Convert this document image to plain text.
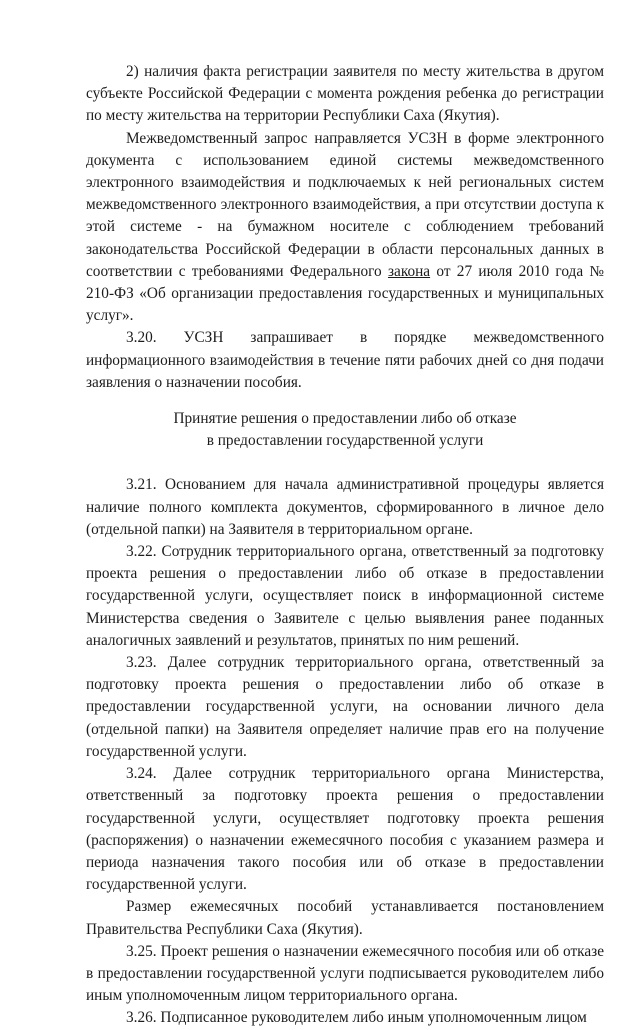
2) наличия факта регистрации заявителя по месту жительства в другом субъекте Российской Федерации с момента рождения ребенка до регистрации по месту жительства на территории Республики Саха (Якутия).

Межведомственный запрос направляется УСЗН в форме электронного документа с использованием единой системы межведомственного электронного взаимодействия и подключаемых к ней региональных систем межведомственного электронного взаимодействия, а при отсутствии доступа к этой системе - на бумажном носителе с соблюдением требований законодательства Российской Федерации в области персональных данных в соответствии с требованиями Федерального закона от 27 июля 2010 года № 210-ФЗ «Об организации предоставления государственных и муниципальных услуг».

3.20. УСЗН запрашивает в порядке межведомственного информационного взаимодействия в течение пяти рабочих дней со дня подачи заявления о назначении пособия.

Принятие решения о предоставлении либо об отказе
в предоставлении государственной услуги

3.21. Основанием для начала административной процедуры является наличие полного комплекта документов, сформированного в личное дело (отдельной папки) на Заявителя в территориальном органе.

3.22. Сотрудник территориального органа, ответственный за подготовку проекта решения о предоставлении либо об отказе в предоставлении государственной услуги, осуществляет поиск в информационной системе Министерства сведения о Заявителе с целью выявления ранее поданных аналогичных заявлений и результатов, принятых по ним решений.

3.23. Далее сотрудник территориального органа, ответственный за подготовку проекта решения о предоставлении либо об отказе в предоставлении государственной услуги, на основании личного дела (отдельной папки) на Заявителя определяет наличие прав его на получение государственной услуги.

3.24. Далее сотрудник территориального органа Министерства, ответственный за подготовку проекта решения о предоставлении государственной услуги, осуществляет подготовку проекта решения (распоряжения) о назначении ежемесячного пособия с указанием размера и периода назначения такого пособия или об отказе в предоставлении государственной услуги.

Размер ежемесячных пособий устанавливается постановлением Правительства Республики Саха (Якутия).

3.25. Проект решения о назначении ежемесячного пособия или об отказе в предоставлении государственной услуги подписывается руководителем либо иным уполномоченным лицом территориального органа.

3.26. Подписанное руководителем либо иным уполномоченным лицом
